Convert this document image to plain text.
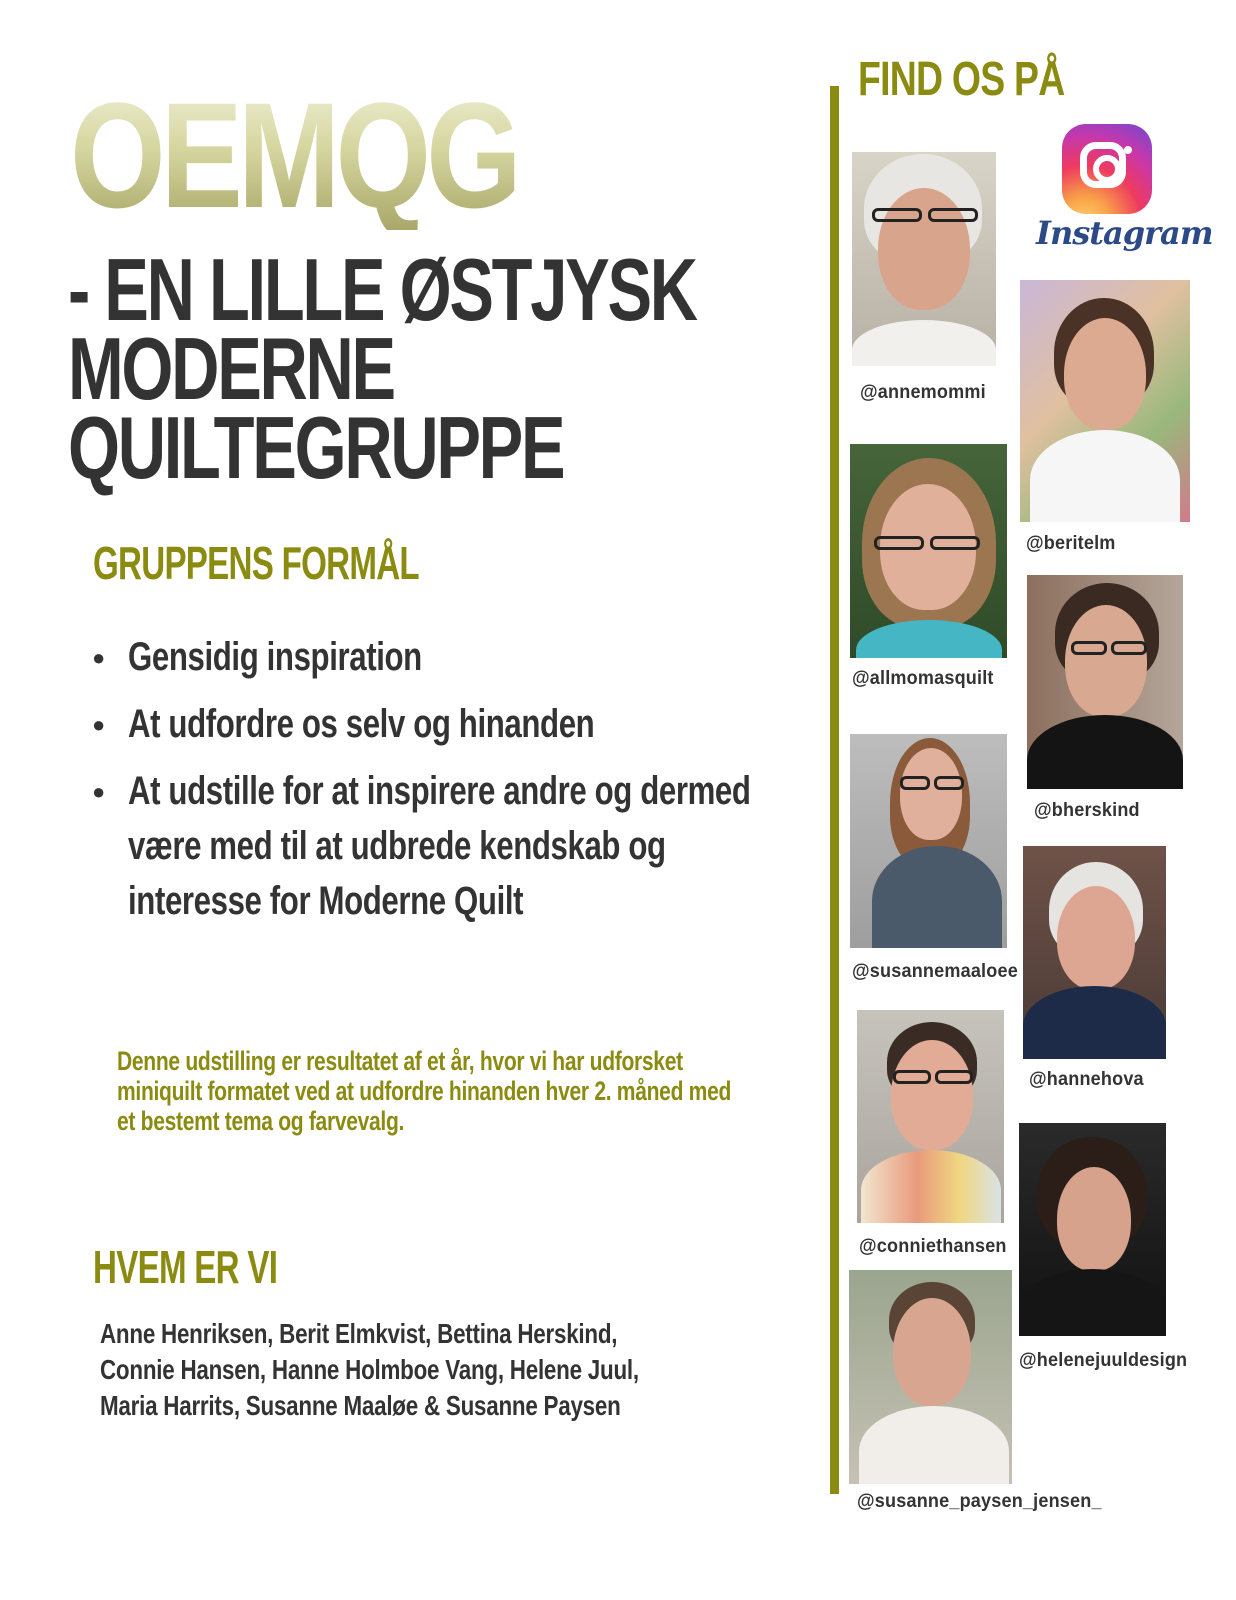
OEMQG
- EN LILLE ØSTJYSK
MODERNE
QUILTEGRUPPE
GRUPPENS FORMÅL
● Gensidig inspiration
● At udfordre os selv og hinanden
● At udstille for at inspirere andre og dermed være med til at udbrede kendskab og interesse for Moderne Quilt
Denne udstilling er resultatet af et år, hvor vi har udforsket miniquilt formatet ved at udfordre hinanden hver 2. måned med et bestemt tema og farvevalg.
HVEM ER VI
Anne Henriksen, Berit Elmkvist, Bettina Herskind,
Connie Hansen, Hanne Holmboe Vang, Helene Juul,
Maria Harrits, Susanne Maaløe & Susanne Paysen
FIND OS PÅ
Instagram
@annemommi
@beritelm
@allmomasquilt
@bherskind
@susannemaaloee
@hannehova
@conniethansen
@helenejuuldesign
@susanne_paysen_jensen_
